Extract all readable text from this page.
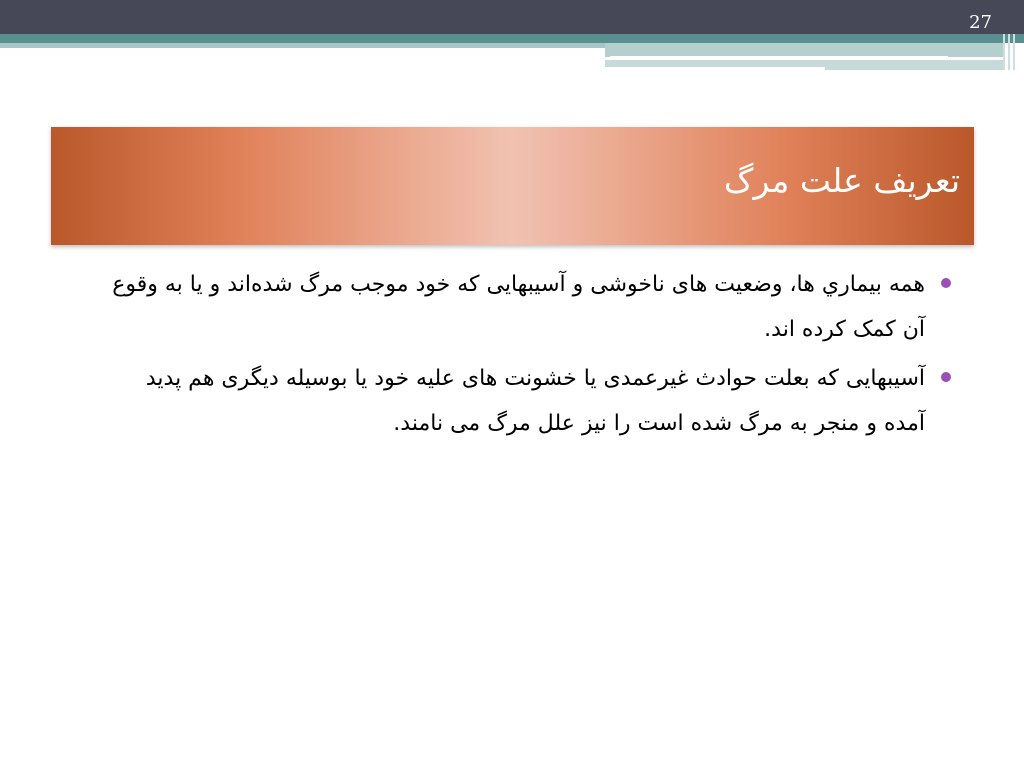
27
تعریف علت مرگ
همه بيماري ها، وضعیت های ناخوشی و آسیبهایی که خود موجب مرگ شده‌اند و یا به وقوع آن کمک کرده اند.
آسیبهایی که بعلت حوادث غیرعمدی یا خشونت های علیه خود یا بوسیله دیگری هم پدید آمده و منجر به مرگ شده است را نیز علل مرگ می نامند.
